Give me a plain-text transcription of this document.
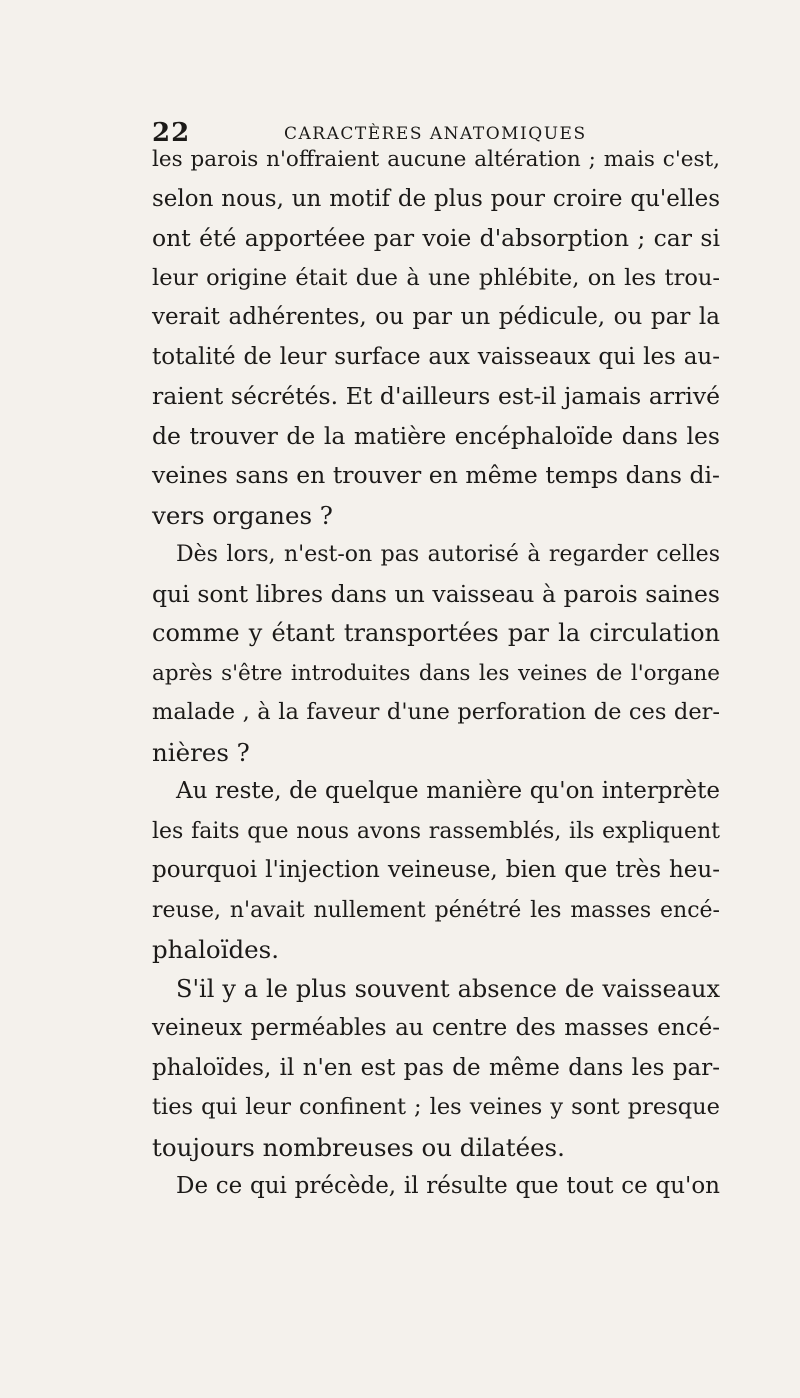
22	CARACTÈRES ANATOMIQUES
les parois n'offraient aucune altération ; mais c'est,
selon nous, un motif de plus pour croire qu'elles
ont été apportéee par voie d'absorption ; car si
leur origine était due à une phlébite, on les trou-
verait adhérentes, ou par un pédicule, ou par la
totalité de leur surface aux vaisseaux qui les au-
raient sécrétés. Et d'ailleurs est-il jamais arrivé
de trouver de la matière encéphaloïde dans les
veines sans en trouver en même temps dans di-
vers organes ?
Dès lors, n'est-on pas autorisé à regarder celles
qui sont libres dans un vaisseau à parois saines
comme y étant transportées par la circulation
après s'être introduites dans les veines de l'organe
malade , à la faveur d'une perforation de ces der-
nières ?
Au reste, de quelque manière qu'on interprète
les faits que nous avons rassemblés, ils expliquent
pourquoi l'injection veineuse, bien que très heu-
reuse, n'avait nullement pénétré les masses encé-
phaloïdes.
S'il y a le plus souvent absence de vaisseaux
veineux perméables au centre des masses encé-
phaloïdes, il n'en est pas de même dans les par-
ties qui leur confinent ; les veines y sont presque
toujours nombreuses ou dilatées.
De ce qui précède, il résulte que tout ce qu'on
